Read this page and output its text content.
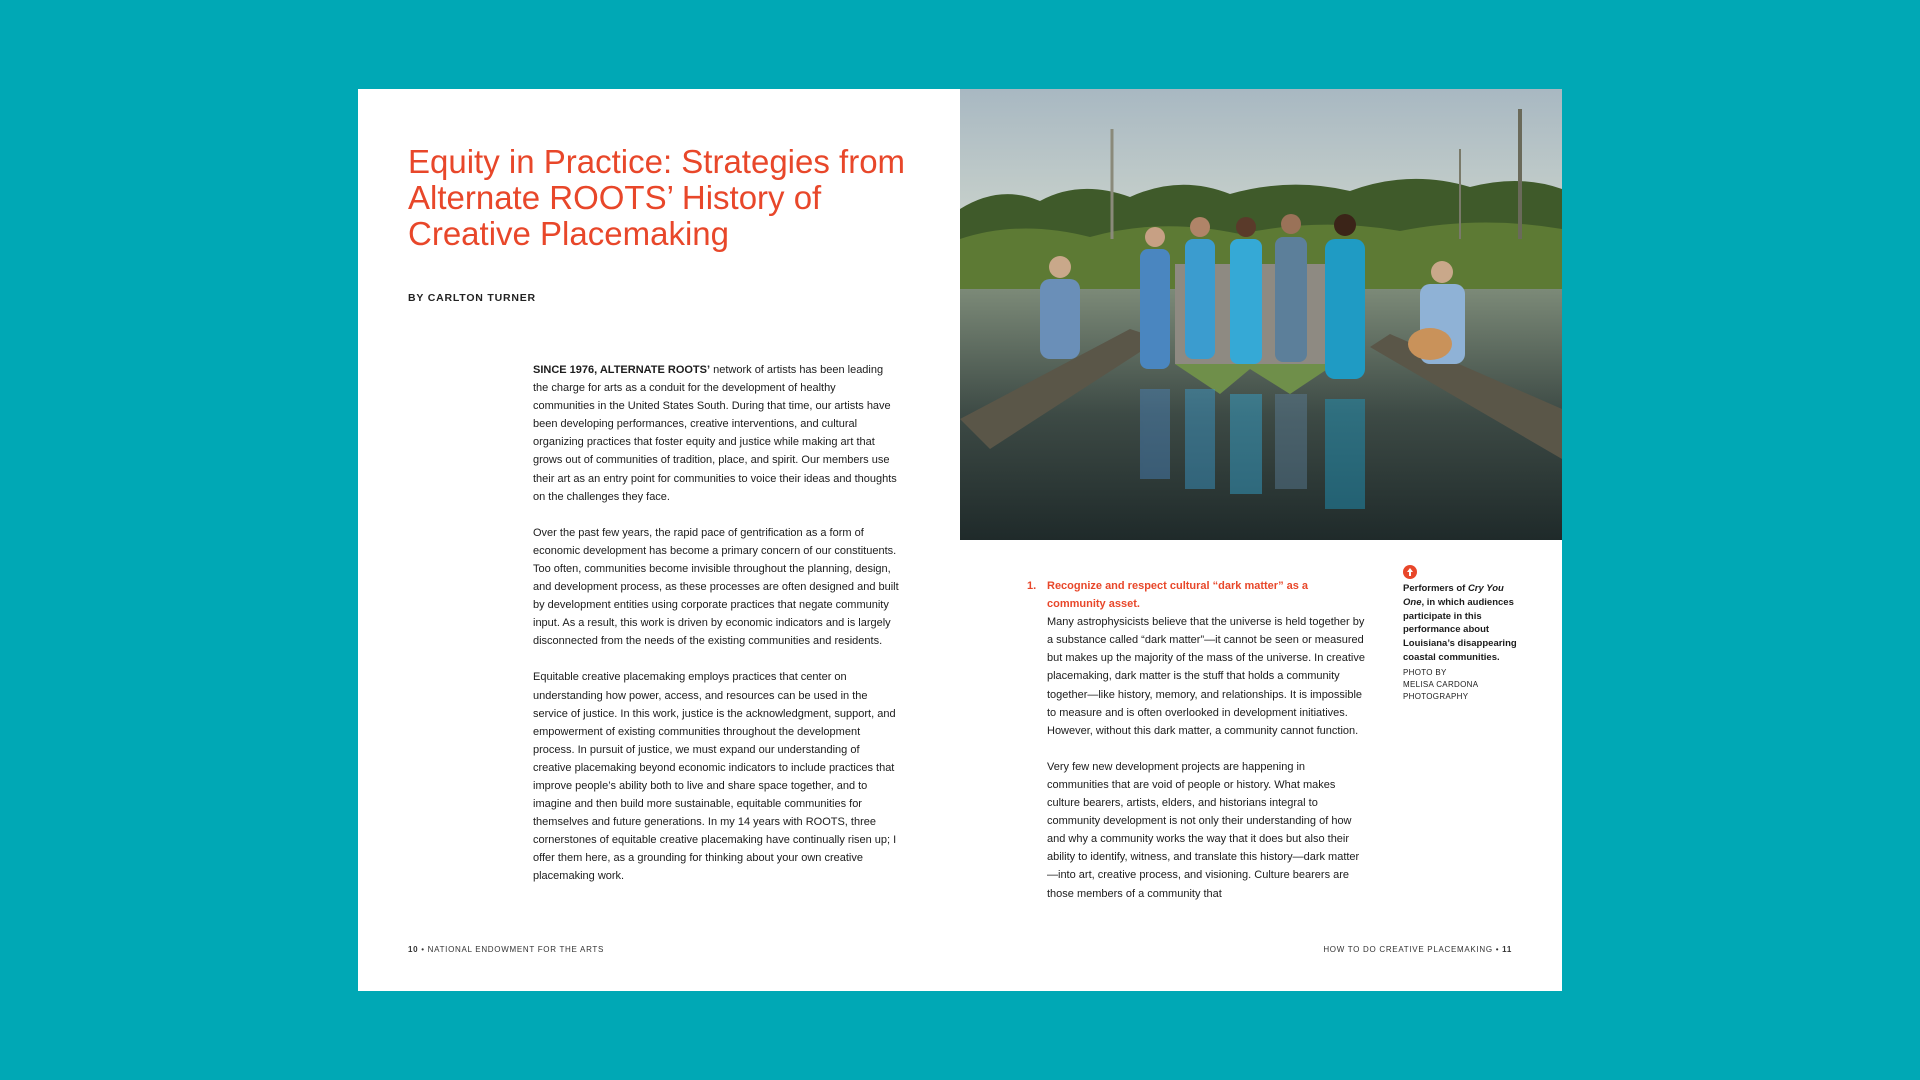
Equity in Practice: Strategies from Alternate ROOTS’ History of Creative Placemaking
BY CARLTON TURNER

SINCE 1976, ALTERNATE ROOTS’ network of artists has been leading the charge for arts as a conduit for the development of healthy communities in the United States South. During that time, our artists have been developing performances, creative interventions, and cultural organizing practices that foster equity and justice while making art that grows out of communities of tradition, place, and spirit. Our members use their art as an entry point for communities to voice their ideas and thoughts on the challenges they face.

Over the past few years, the rapid pace of gentrification as a form of economic development has become a primary concern of our constituents. Too often, communities become invisible throughout the planning, design, and development process, as these processes are often designed and built by development entities using corporate practices that negate community input. As a result, this work is driven by economic indicators and is largely disconnected from the needs of the existing communities and residents.

Equitable creative placemaking employs practices that center on understanding how power, access, and resources can be used in the service of justice. In this work, justice is the acknowledgment, support, and empowerment of existing communities throughout the development process. In pursuit of justice, we must expand our understanding of creative placemaking beyond economic indicators to include practices that improve people’s ability both to live and share space together, and to imagine and then build more sustainable, equitable communities for themselves and future generations. In my 14 years with ROOTS, three cornerstones of equitable creative placemaking have continually risen up; I offer them here, as a grounding for thinking about your own creative placemaking work.

10 • NATIONAL ENDOWMENT FOR THE ARTS
1. Recognize and respect cultural “dark matter” as a community asset.

Many astrophysicists believe that the universe is held together by a substance called “dark matter”—it cannot be seen or measured but makes up the majority of the mass of the universe. In creative placemaking, dark matter is the stuff that holds a community together—like history, memory, and relationships. It is impossible to measure and is often overlooked in development initiatives. However, without this dark matter, a community cannot function.

Very few new development projects are happening in communities that are void of people or history. What makes culture bearers, artists, elders, and historians integral to community development is not only their understanding of how and why a community works the way that it does but also their ability to identify, witness, and translate this history—dark matter—into art, creative process, and visioning. Culture bearers are those members of a community that

Performers of Cry You One, in which audiences participate in this performance about Louisiana’s disappearing coastal communities.
PHOTO BY
MELISA CARDONA PHOTOGRAPHY
HOW TO DO CREATIVE PLACEMAKING • 11
